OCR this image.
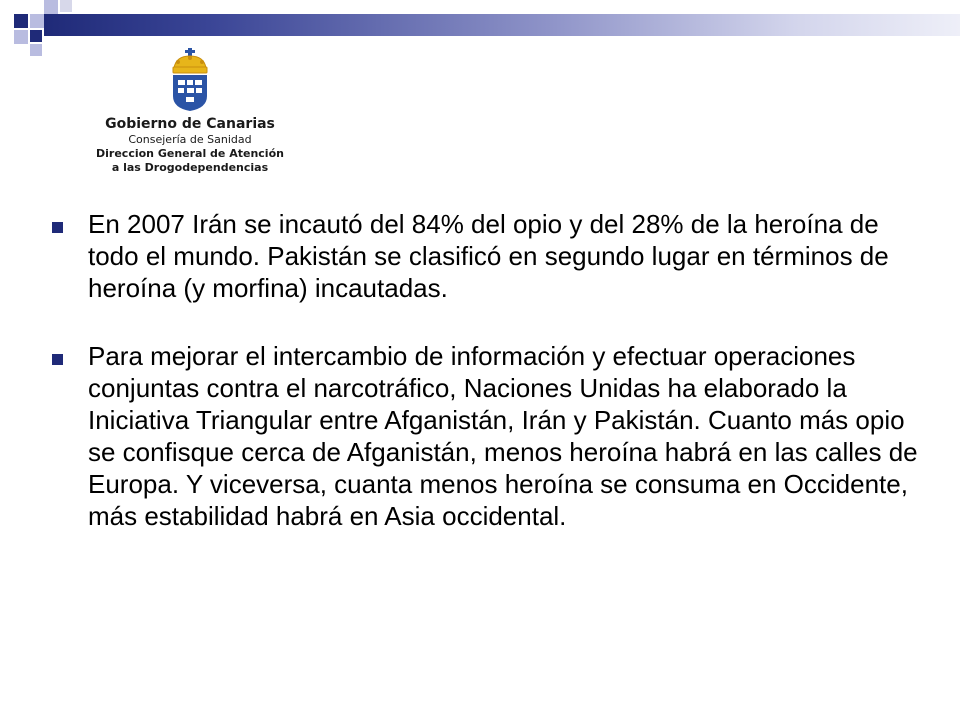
Gobierno de Canarias
Consejería de Sanidad
Direccion General de Atención
a las Drogodependencias
En 2007 Irán se incautó del 84% del opio y del 28% de la heroína de todo el mundo. Pakistán se clasificó en segundo lugar en términos de heroína (y morfina) incautadas.
Para mejorar el intercambio de información y efectuar operaciones conjuntas contra el narcotráfico, Naciones Unidas ha elaborado la Iniciativa Triangular entre Afganistán, Irán y Pakistán. Cuanto más opio se confisque cerca de Afganistán, menos heroína habrá en las calles de Europa. Y viceversa, cuanta menos heroína se consuma en Occidente, más estabilidad habrá en Asia occidental.
